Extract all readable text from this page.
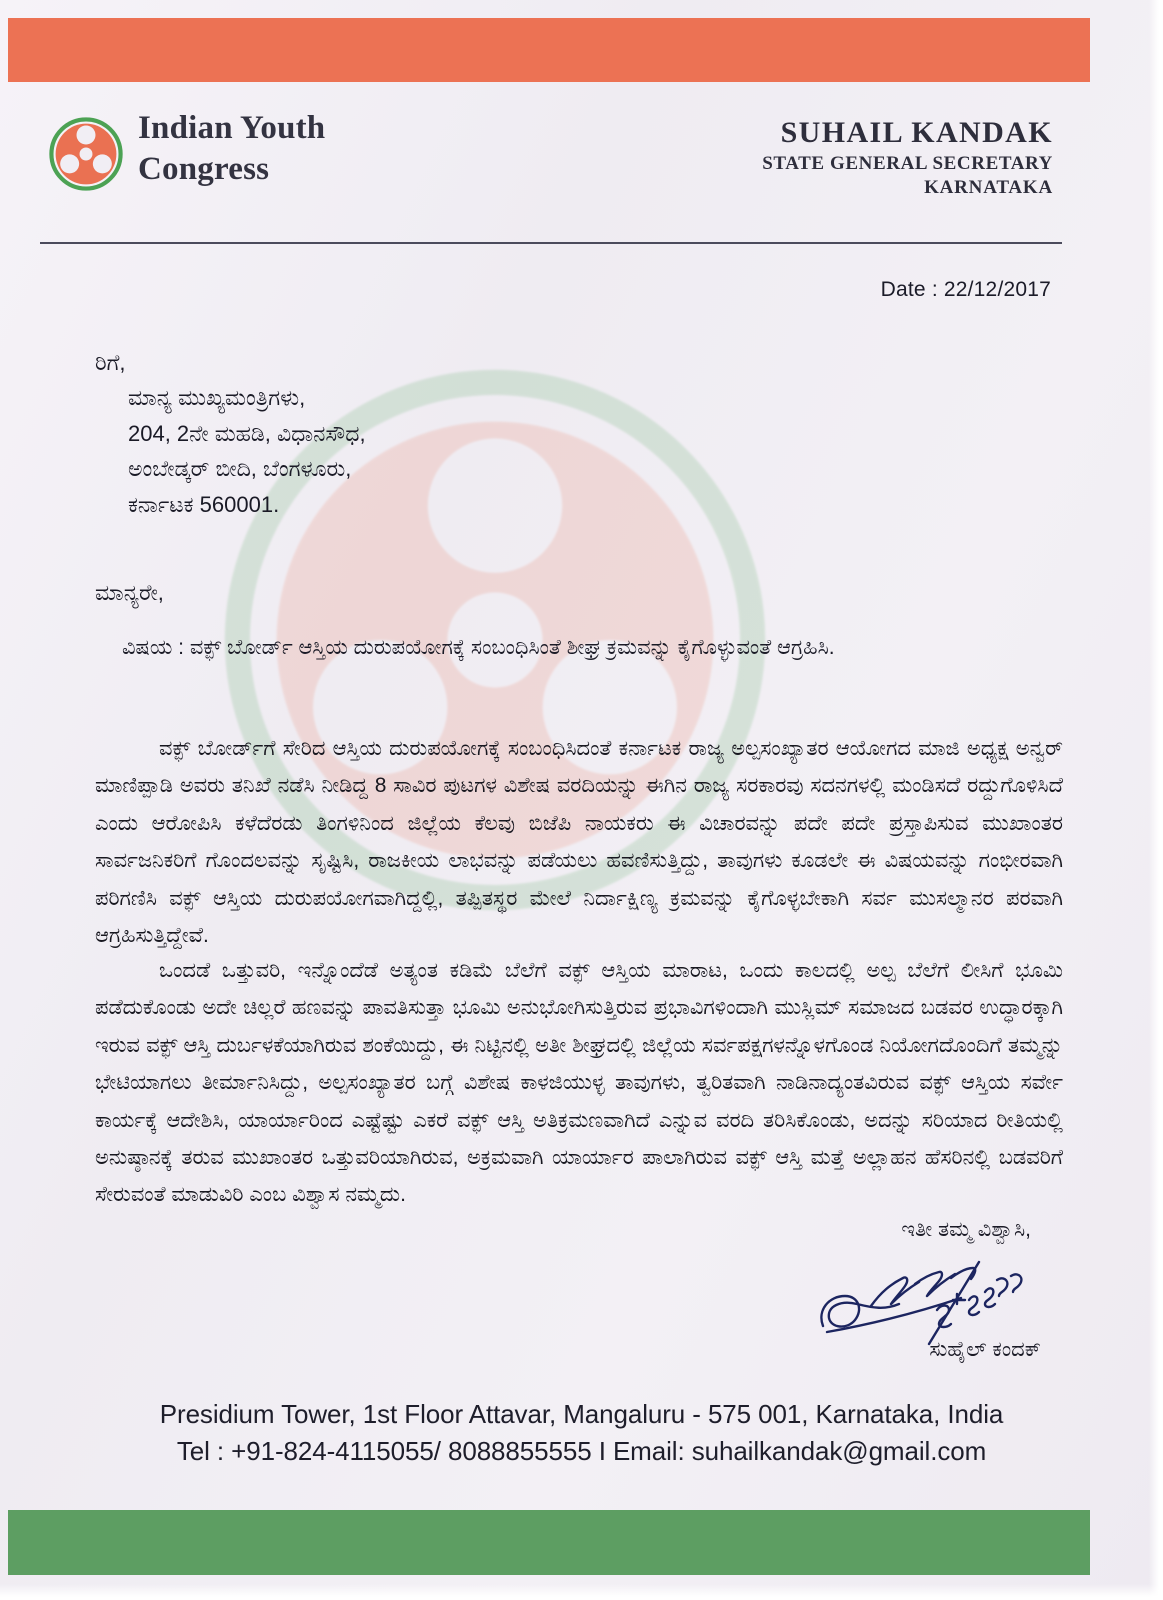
Indian Youth
Congress
SUHAIL KANDAK
STATE GENERAL SECRETARY
KARNATAKA
Date : 22/12/2017
ರಿಗೆ,
ಮಾನ್ಯ ಮುಖ್ಯಮಂತ್ರಿಗಳು,
204, 2ನೇ ಮಹಡಿ, ವಿಧಾನಸೌಧ,
ಅಂಬೇಡ್ಕರ್ ಬೀದಿ, ಬೆಂಗಳೂರು,
ಕರ್ನಾಟಕ 560001.
ಮಾನ್ಯರೇ,
ವಿಷಯ : ವಕ್ಫ್ ಬೋರ್ಡ್ ಆಸ್ತಿಯ ದುರುಪಯೋಗಕ್ಕೆ ಸಂಬಂಧಿಸಿಂತೆ ಶೀಘ್ರ ಕ್ರಮವನ್ನು ಕೈಗೊಳ್ಳುವಂತೆ ಆಗ್ರಹಿಸಿ.
ವಕ್ಫ್ ಬೋರ್ಡ್‌ಗೆ ಸೇರಿದ ಆಸ್ತಿಯ ದುರುಪಯೋಗಕ್ಕೆ ಸಂಬಂಧಿಸಿದಂತೆ ಕರ್ನಾಟಕ ರಾಜ್ಯ ಅಲ್ಪಸಂಖ್ಯಾತರ ಆಯೋಗದ ಮಾಜಿ ಅಧ್ಯಕ್ಷ ಅನ್ವರ್ ಮಾಣಿಪ್ಪಾಡಿ ಅವರು ತನಿಖೆ ನಡೆಸಿ ನೀಡಿದ್ದ 8 ಸಾವಿರ ಪುಟಗಳ ವಿಶೇಷ ವರದಿಯನ್ನು ಈಗಿನ ರಾಜ್ಯ ಸರಕಾರವು ಸದನಗಳಲ್ಲಿ ಮಂಡಿಸದೆ ರದ್ದುಗೊಳಿಸಿದೆ ಎಂದು ಆರೋಪಿಸಿ ಕಳೆದೆರಡು ತಿಂಗಳಿನಿಂದ ಜಿಲ್ಲೆಯ ಕೆಲವು ಬಿಜೆಪಿ ನಾಯಕರು ಈ ವಿಚಾರವನ್ನು ಪದೇ ಪದೇ ಪ್ರಸ್ತಾಪಿಸುವ ಮುಖಾಂತರ ಸಾರ್ವಜನಿಕರಿಗೆ ಗೊಂದಲವನ್ನು ಸೃಷ್ಟಿಸಿ, ರಾಜಕೀಯ ಲಾಭವನ್ನು ಪಡೆಯಲು ಹವಣಿಸುತ್ತಿದ್ದು, ತಾವುಗಳು ಕೂಡಲೇ ಈ ವಿಷಯವನ್ನು ಗಂಭೀರವಾಗಿ ಪರಿಗಣಿಸಿ ವಕ್ಫ್ ಆಸ್ತಿಯ ದುರುಪಯೋಗವಾಗಿದ್ದಲ್ಲಿ, ತಪ್ಪಿತಸ್ಥರ ಮೇಲೆ ನಿರ್ದಾಕ್ಷಿಣ್ಯ ಕ್ರಮವನ್ನು ಕೈಗೊಳ್ಳಬೇಕಾಗಿ ಸರ್ವ ಮುಸಲ್ಮಾನರ ಪರವಾಗಿ ಆಗ್ರಹಿಸುತ್ತಿದ್ದೇವೆ.
ಒಂದಡೆ ಒತ್ತುವರಿ, ಇನ್ನೊಂದೆಡೆ ಅತ್ಯಂತ ಕಡಿಮೆ ಬೆಲೆಗೆ ವಕ್ಫ್ ಆಸ್ತಿಯ ಮಾರಾಟ, ಒಂದು ಕಾಲದಲ್ಲಿ ಅಲ್ಪ ಬೆಲೆಗೆ ಲೀಸಿಗೆ ಭೂಮಿ ಪಡೆದುಕೊಂಡು ಅದೇ ಚಿಲ್ಲರೆ ಹಣವನ್ನು ಪಾವತಿಸುತ್ತಾ ಭೂಮಿ ಅನುಭೋಗಿಸುತ್ತಿರುವ ಪ್ರಭಾವಿಗಳಿಂದಾಗಿ ಮುಸ್ಲಿಮ್ ಸಮಾಜದ ಬಡವರ ಉದ್ಧಾರಕ್ಕಾಗಿ ಇರುವ ವಕ್ಫ್ ಆಸ್ತಿ ದುರ್ಬಳಕೆಯಾಗಿರುವ ಶಂಕೆಯಿದ್ದು, ಈ ನಿಟ್ಟಿನಲ್ಲಿ ಅತೀ ಶೀಘ್ರದಲ್ಲಿ ಜಿಲ್ಲೆಯ ಸರ್ವಪಕ್ಷಗಳನ್ನೊಳಗೊಂಡ ನಿಯೋಗದೊಂದಿಗೆ ತಮ್ಮನ್ನು ಭೇಟಿಯಾಗಲು ತೀರ್ಮಾನಿಸಿದ್ದು, ಅಲ್ಪಸಂಖ್ಯಾತರ ಬಗ್ಗೆ ವಿಶೇಷ ಕಾಳಜಿಯುಳ್ಳ ತಾವುಗಳು, ತ್ವರಿತವಾಗಿ ನಾಡಿನಾದ್ಯಂತವಿರುವ ವಕ್ಫ್ ಆಸ್ತಿಯ ಸರ್ವೇ ಕಾರ್ಯಕ್ಕೆ ಆದೇಶಿಸಿ, ಯಾರ್ಯಾರಿಂದ ಎಷ್ಟೆಷ್ಟು ಎಕರೆ ವಕ್ಫ್ ಆಸ್ತಿ ಅತಿಕ್ರಮಣವಾಗಿದೆ ಎನ್ನುವ ವರದಿ ತರಿಸಿಕೊಂಡು, ಅದನ್ನು ಸರಿಯಾದ ರೀತಿಯಲ್ಲಿ ಅನುಷ್ಠಾನಕ್ಕೆ ತರುವ ಮುಖಾಂತರ ಒತ್ತುವರಿಯಾಗಿರುವ, ಅಕ್ರಮವಾಗಿ ಯಾರ್ಯಾರ ಪಾಲಾಗಿರುವ ವಕ್ಫ್ ಆಸ್ತಿ ಮತ್ತೆ ಅಲ್ಲಾಹನ ಹೆಸರಿನಲ್ಲಿ ಬಡವರಿಗೆ ಸೇರುವಂತೆ ಮಾಡುವಿರಿ ಎಂಬ ವಿಶ್ವಾಸ ನಮ್ಮದು.
ಇತೀ ತಮ್ಮ ವಿಶ್ವಾಸಿ,
ಸುಹೈಲ್ ಕಂದಕ್
Presidium Tower, 1st Floor Attavar, Mangaluru - 575 001, Karnataka, India
Tel : +91-824-4115055/ 8088855555 I Email: suhailkandak@gmail.com
